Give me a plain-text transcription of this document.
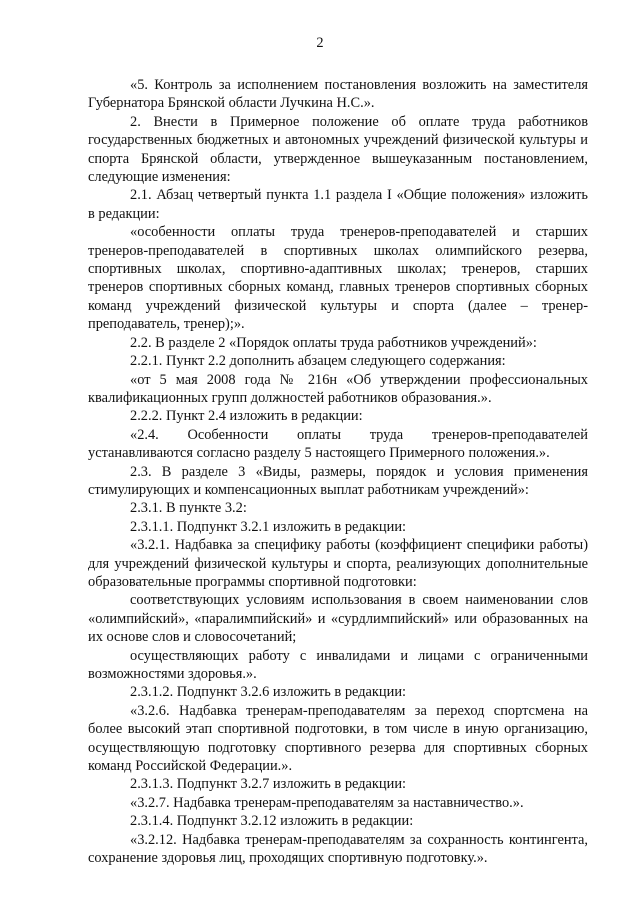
2

«5. Контроль за исполнением постановления возложить на заместителя Губернатора Брянской области Лучкина Н.С.».

2. Внести в Примерное положение об оплате труда работников государственных бюджетных и автономных учреждений физической культуры и спорта Брянской области, утвержденное вышеуказанным постановлением, следующие изменения:

2.1. Абзац четвертый пункта 1.1 раздела I «Общие положения» изложить в редакции:

«особенности оплаты труда тренеров-преподавателей и старших тренеров-преподавателей в спортивных школах олимпийского резерва, спортивных школах, спортивно-адаптивных школах; тренеров, старших тренеров спортивных сборных команд, главных тренеров спортивных сборных команд учреждений физической культуры и спорта (далее – тренер-преподаватель, тренер);».

2.2. В разделе 2 «Порядок оплаты труда работников учреждений»:

2.2.1. Пункт 2.2 дополнить абзацем следующего содержания:

«от 5 мая 2008 года № 216н «Об утверждении профессиональных квалификационных групп должностей работников образования.».

2.2.2. Пункт 2.4 изложить в редакции:

«2.4. Особенности оплаты труда тренеров-преподавателей устанавливаются согласно разделу 5 настоящего Примерного положения.».

2.3. В разделе 3 «Виды, размеры, порядок и условия применения стимулирующих и компенсационных выплат работникам учреждений»:

2.3.1. В пункте 3.2:

2.3.1.1. Подпункт 3.2.1 изложить в редакции:

«3.2.1. Надбавка за специфику работы (коэффициент специфики работы) для учреждений физической культуры и спорта, реализующих дополнительные образовательные программы спортивной подготовки:

соответствующих условиям использования в своем наименовании слов «олимпийский», «паралимпийский» и «сурдлимпийский» или образованных на их основе слов и словосочетаний;

осуществляющих работу с инвалидами и лицами с ограниченными возможностями здоровья.».

2.3.1.2. Подпункт 3.2.6 изложить в редакции:

«3.2.6. Надбавка тренерам-преподавателям за переход спортсмена на более высокий этап спортивной подготовки, в том числе в иную организацию, осуществляющую подготовку спортивного резерва для спортивных сборных команд Российской Федерации.».

2.3.1.3. Подпункт 3.2.7 изложить в редакции:

«3.2.7. Надбавка тренерам-преподавателям за наставничество.».

2.3.1.4. Подпункт 3.2.12 изложить в редакции:

«3.2.12. Надбавка тренерам-преподавателям за сохранность контингента, сохранение здоровья лиц, проходящих спортивную подготовку.».
